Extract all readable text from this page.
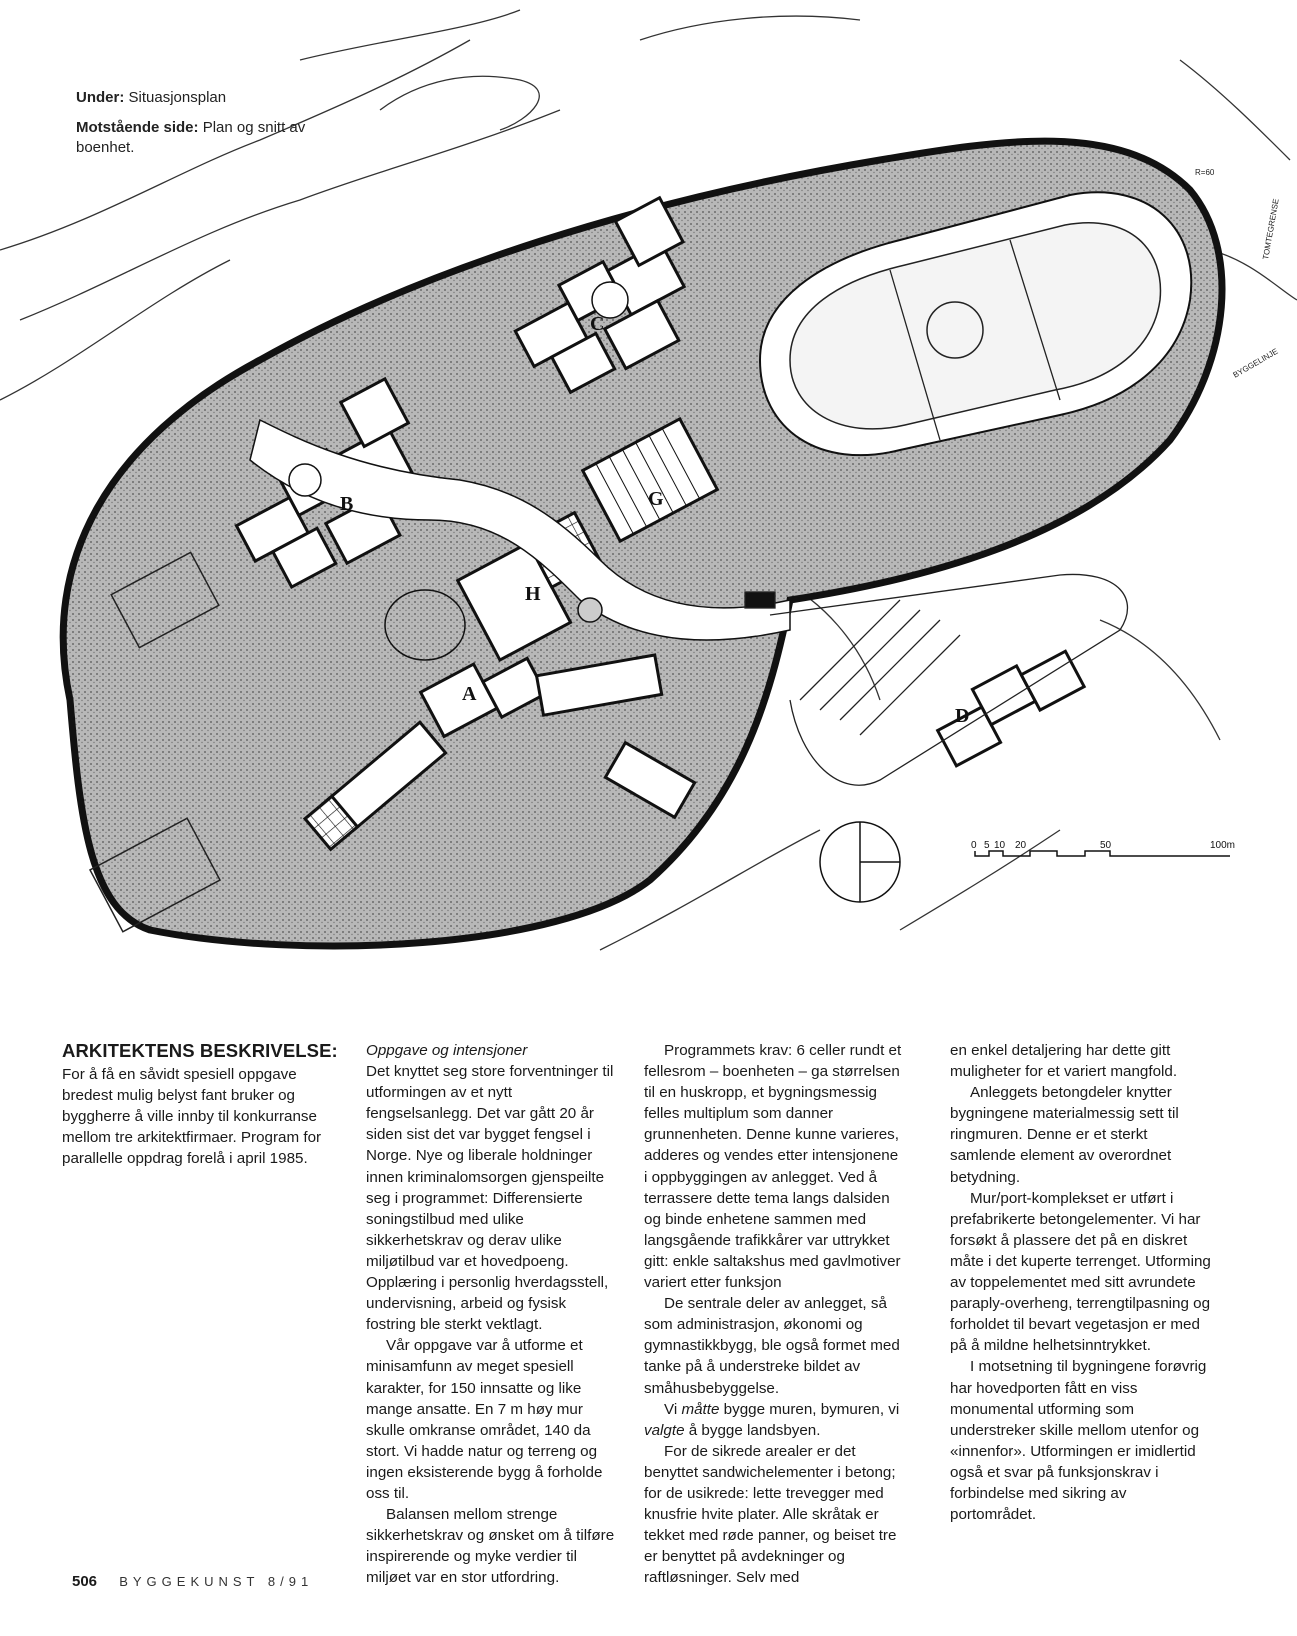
A
B
C
D
G
H
R=60
TOMTEGRENSE
BYGGELINJE
0 5 10 20	50	100m

Under: Situasjonsplan

Motstående side: Plan og snitt av boenhet.

ARKITEKTENS BESKRIVELSE:

For å få en såvidt spesiell oppgave bredest mulig belyst fant bruker og byggherre å ville innby til konkurranse mellom tre arkitektfirmaer. Program for parallelle oppdrag forelå i april 1985.

Oppgave og intensjoner

Det knyttet seg store forventninger til utformingen av et nytt fengselsanlegg. Det var gått 20 år siden sist det var bygget fengsel i Norge. Nye og liberale holdninger innen kriminalomsorgen gjenspeilte seg i programmet: Differensierte soningstilbud med ulike sikkerhetskrav og derav ulike miljøtilbud var et hovedpoeng. Opplæring i personlig hverdagsstell, undervisning, arbeid og fysisk fostring ble sterkt vektlagt.

Vår oppgave var å utforme et minisamfunn av meget spesiell karakter, for 150 innsatte og like mange ansatte. En 7 m høy mur skulle omkranse området, 140 da stort. Vi hadde natur og terreng og ingen eksisterende bygg å forholde oss til.

Balansen mellom strenge sikkerhetskrav og ønsket om å tilføre inspirerende og myke verdier til miljøet var en stor utfordring.

Programmets krav: 6 celler rundt et fellesrom – boenheten – ga størrelsen til en huskropp, et bygningsmessig felles multiplum som danner grunnenheten. Denne kunne varieres, adderes og vendes etter intensjonene i oppbyggingen av anlegget. Ved å terrassere dette tema langs dalsiden og binde enhetene sammen med langsgående trafikkårer var uttrykket gitt: enkle saltakshus med gavlmotiver variert etter funksjon

De sentrale deler av anlegget, så som administrasjon, økonomi og gymnastikkbygg, ble også formet med tanke på å understreke bildet av småhusbebyggelse.

Vi måtte bygge muren, bymuren, vi valgte å bygge landsbyen.

For de sikrede arealer er det benyttet sandwichelementer i betong; for de usikrede: lette trevegger med knusfrie hvite plater. Alle skråtak er tekket med røde panner, og beiset tre er benyttet på avdekninger og raftløsninger. Selv med

en enkel detaljering har dette gitt muligheter for et variert mangfold.

Anleggets betongdeler knytter bygningene materialmessig sett til ringmuren. Denne er et sterkt samlende element av overordnet betydning.

Mur/port-komplekset er utført i prefabrikerte betongelementer. Vi har forsøkt å plassere det på en diskret måte i det kuperte terrenget. Utforming av toppelementet med sitt avrundete paraply-overheng, terrengtilpasning og forholdet til bevart vegetasjon er med på å mildne helhetsinntrykket.

I motsetning til bygningene forøvrig har hovedporten fått en viss monumental utforming som understreker skille mellom utenfor og «innenfor». Utformingen er imidlertid også et svar på funksjonskrav i forbindelse med sikring av portområdet.

506 BYGGEKUNST 8/91
